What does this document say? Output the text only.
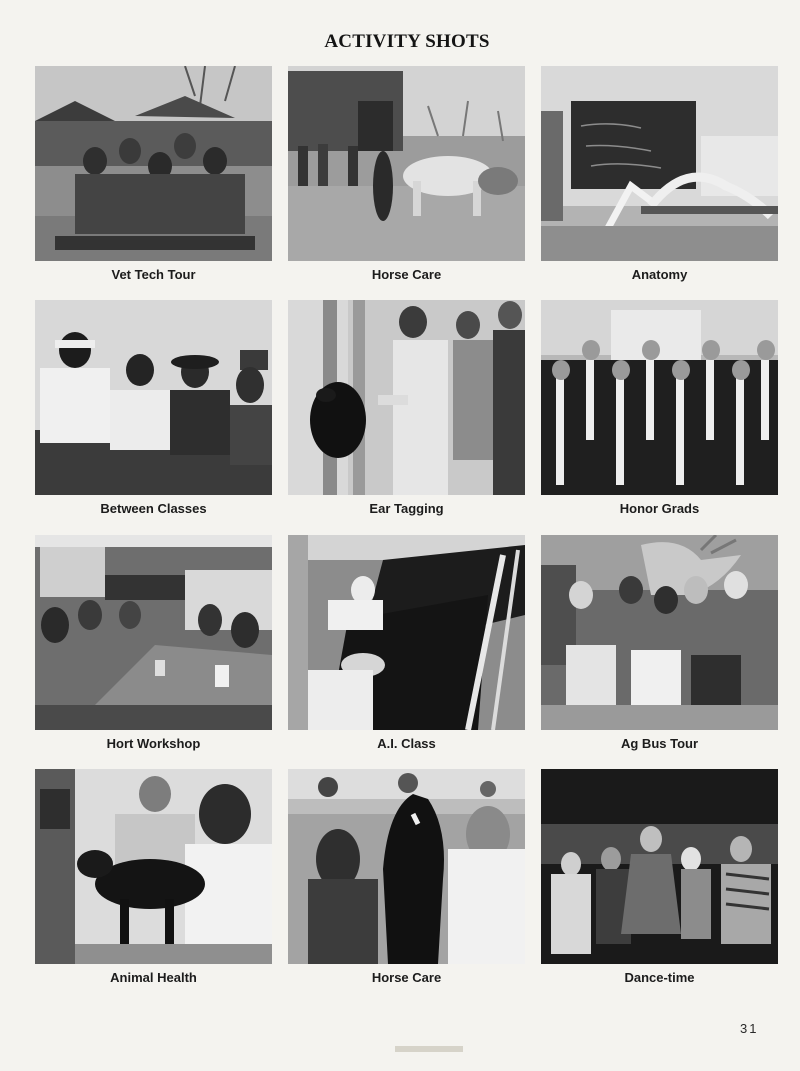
ACTIVITY SHOTS
Vet Tech Tour	Horse Care	Anatomy
Between Classes	Ear Tagging	Honor Grads
Hort Workshop	A.I. Class	Ag Bus Tour
Animal Health	Horse Care	Dance-time
31
